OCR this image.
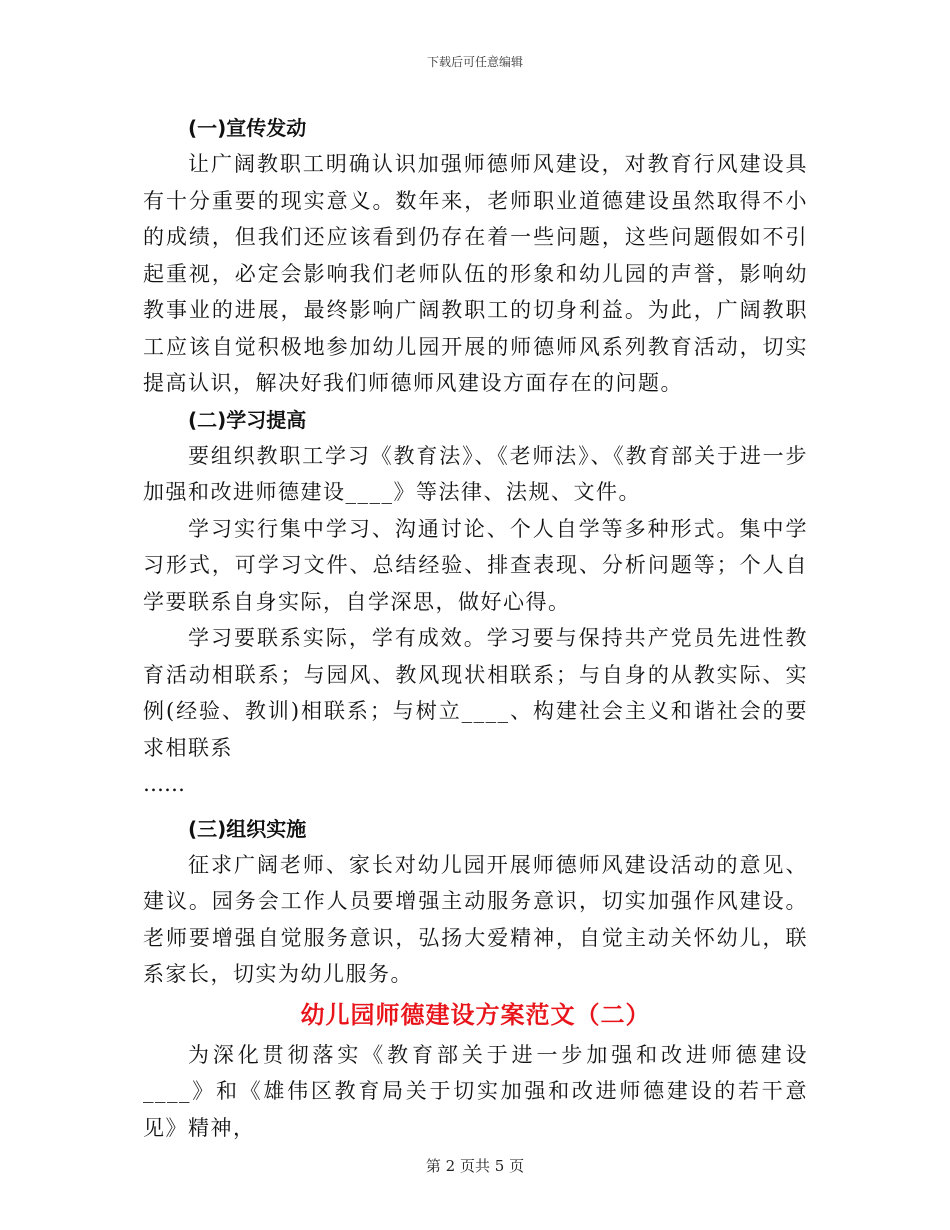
下载后可任意编辑
(一)宣传发动

让广阔教职工明确认识加强师德师风建设，对教育行风建设具有十分重要的现实意义。数年来，老师职业道德建设虽然取得不小的成绩，但我们还应该看到仍存在着一些问题，这些问题假如不引起重视，必定会影响我们老师队伍的形象和幼儿园的声誉，影响幼教事业的进展，最终影响广阔教职工的切身利益。为此，广阔教职工应该自觉积极地参加幼儿园开展的师德师风系列教育活动，切实提高认识，解决好我们师德师风建设方面存在的问题。

(二)学习提高

要组织教职工学习《教育法》、《老师法》、《教育部关于进一步加强和改进师德建设____》等法律、法规、文件。

学习实行集中学习、沟通讨论、个人自学等多种形式。集中学习形式，可学习文件、总结经验、排查表现、分析问题等；个人自学要联系自身实际，自学深思，做好心得。

学习要联系实际，学有成效。学习要与保持共产党员先进性教育活动相联系；与园风、教风现状相联系；与自身的从教实际、实例(经验、教训)相联系；与树立____、构建社会主义和谐社会的要求相联系

……

(三)组织实施

征求广阔老师、家长对幼儿园开展师德师风建设活动的意见、建议。园务会工作人员要增强主动服务意识，切实加强作风建设。老师要增强自觉服务意识，弘扬大爱精神，自觉主动关怀幼儿，联系家长，切实为幼儿服务。

幼儿园师德建设方案范文（二）

为深化贯彻落实《教育部关于进一步加强和改进师德建设____》和《雄伟区教育局关于切实加强和改进师德建设的若干意见》精神，

第 2 页共 5 页
